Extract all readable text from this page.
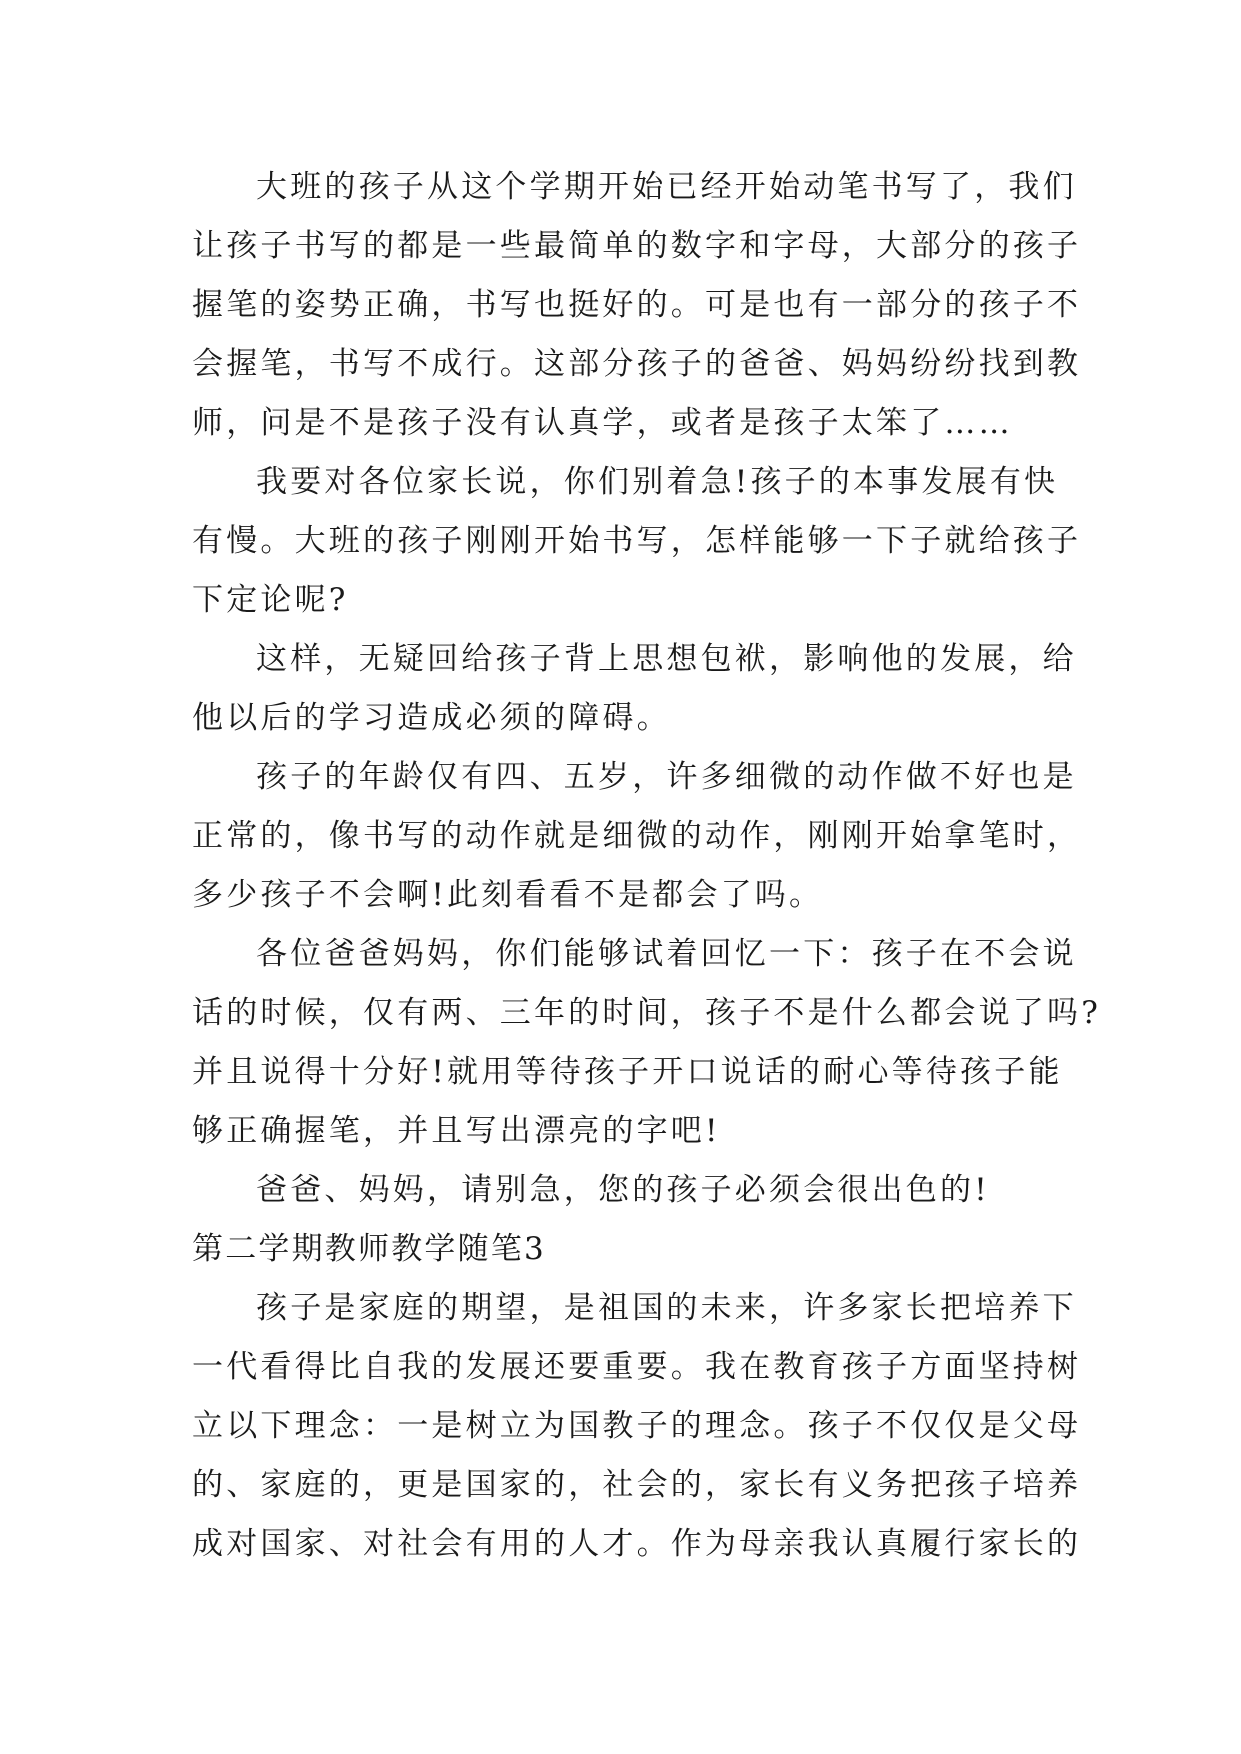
大班的孩子从这个学期开始已经开始动笔书写了，我们
让孩子书写的都是一些最简单的数字和字母，大部分的孩子
握笔的姿势正确，书写也挺好的。可是也有一部分的孩子不
会握笔，书写不成行。这部分孩子的爸爸、妈妈纷纷找到教
师，问是不是孩子没有认真学，或者是孩子太笨了……
我要对各位家长说，你们别着急!孩子的本事发展有快
有慢。大班的孩子刚刚开始书写，怎样能够一下子就给孩子
下定论呢?
这样，无疑回给孩子背上思想包袱，影响他的发展，给
他以后的学习造成必须的障碍。
孩子的年龄仅有四、五岁，许多细微的动作做不好也是
正常的，像书写的动作就是细微的动作，刚刚开始拿笔时，
多少孩子不会啊!此刻看看不是都会了吗。
各位爸爸妈妈，你们能够试着回忆一下：孩子在不会说
话的时候，仅有两、三年的时间，孩子不是什么都会说了吗?
并且说得十分好!就用等待孩子开口说话的耐心等待孩子能
够正确握笔，并且写出漂亮的字吧!
爸爸、妈妈，请别急，您的孩子必须会很出色的!
第二学期教师教学随笔3
孩子是家庭的期望，是祖国的未来，许多家长把培养下
一代看得比自我的发展还要重要。我在教育孩子方面坚持树
立以下理念：一是树立为国教子的理念。孩子不仅仅是父母
的、家庭的，更是国家的，社会的，家长有义务把孩子培养
成对国家、对社会有用的人才。作为母亲我认真履行家长的
